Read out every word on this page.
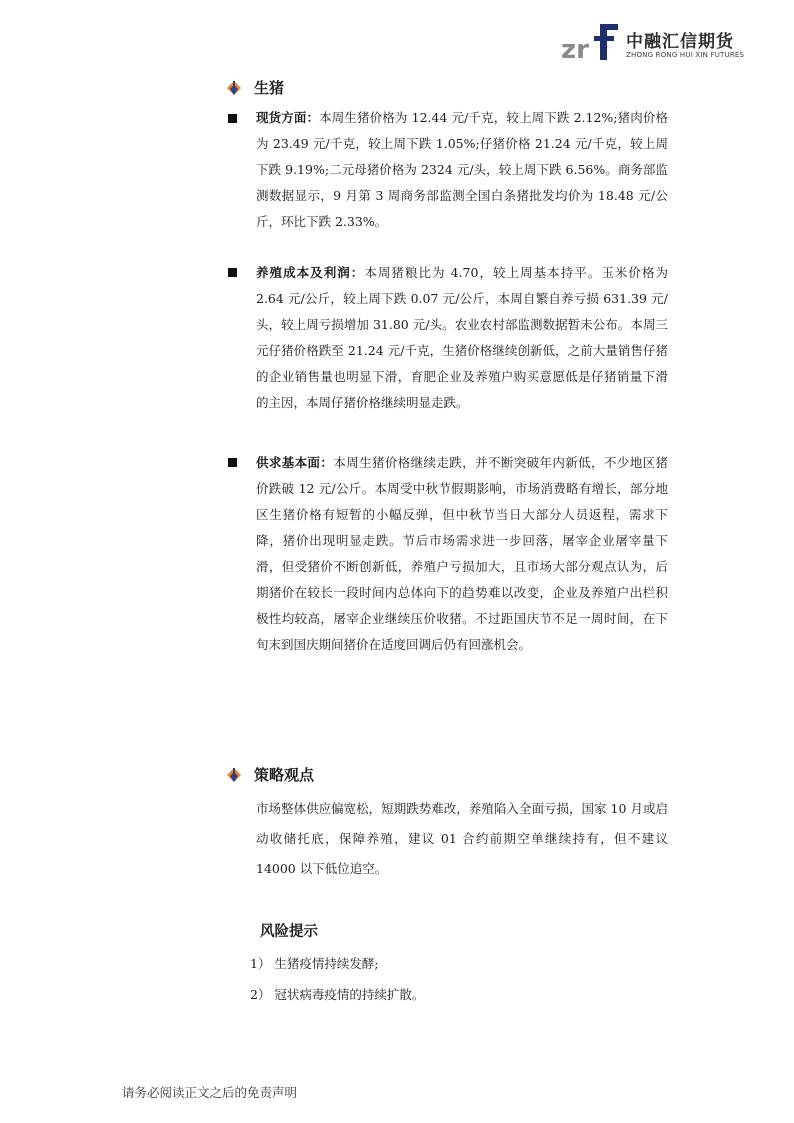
zr 中融汇信期货
ZHONG RONG HUI XIN FUTURES
生猪
现货方面：本周生猪价格为 12.44 元/千克，较上周下跌 2.12%;猪肉价格为 23.49 元/千克，较上周下跌 1.05%;仔猪价格 21.24 元/千克，较上周下跌 9.19%;二元母猪价格为 2324 元/头，较上周下跌 6.56%。商务部监测数据显示，9 月第 3 周商务部监测全国白条猪批发均价为 18.48 元/公斤，环比下跌 2.33%。
养殖成本及利润：本周猪粮比为 4.70，较上周基本持平。玉米价格为 2.64 元/公斤，较上周下跌 0.07 元/公斤，本周自繁自养亏损 631.39 元/头，较上周亏损增加 31.80 元/头。农业农村部监测数据暂未公布。本周三元仔猪价格跌至 21.24 元/千克，生猪价格继续创新低，之前大量销售仔猪的企业销售量也明显下滑，育肥企业及养殖户购买意愿低是仔猪销量下滑的主因，本周仔猪价格继续明显走跌。
供求基本面：本周生猪价格继续走跌，并不断突破年内新低，不少地区猪价跌破 12 元/公斤。本周受中秋节假期影响，市场消费略有增长，部分地区生猪价格有短暂的小幅反弹，但中秋节当日大部分人员返程，需求下降，猪价出现明显走跌。节后市场需求进一步回落，屠宰企业屠宰量下滑，但受猪价不断创新低，养殖户亏损加大，且市场大部分观点认为，后期猪价在较长一段时间内总体向下的趋势难以改变，企业及养殖户出栏积极性均较高，屠宰企业继续压价收猪。不过距国庆节不足一周时间，在下旬末到国庆期间猪价在适度回调后仍有回涨机会。
策略观点
市场整体供应偏宽松，短期跌势难改，养殖陷入全面亏损，国家 10 月或启动收储托底，保障养殖，建议 01 合约前期空单继续持有，但不建议 14000 以下低位追空。
风险提示
1） 生猪疫情持续发酵;
2） 冠状病毒疫情的持续扩散。
请务必阅读正文之后的免责声明
